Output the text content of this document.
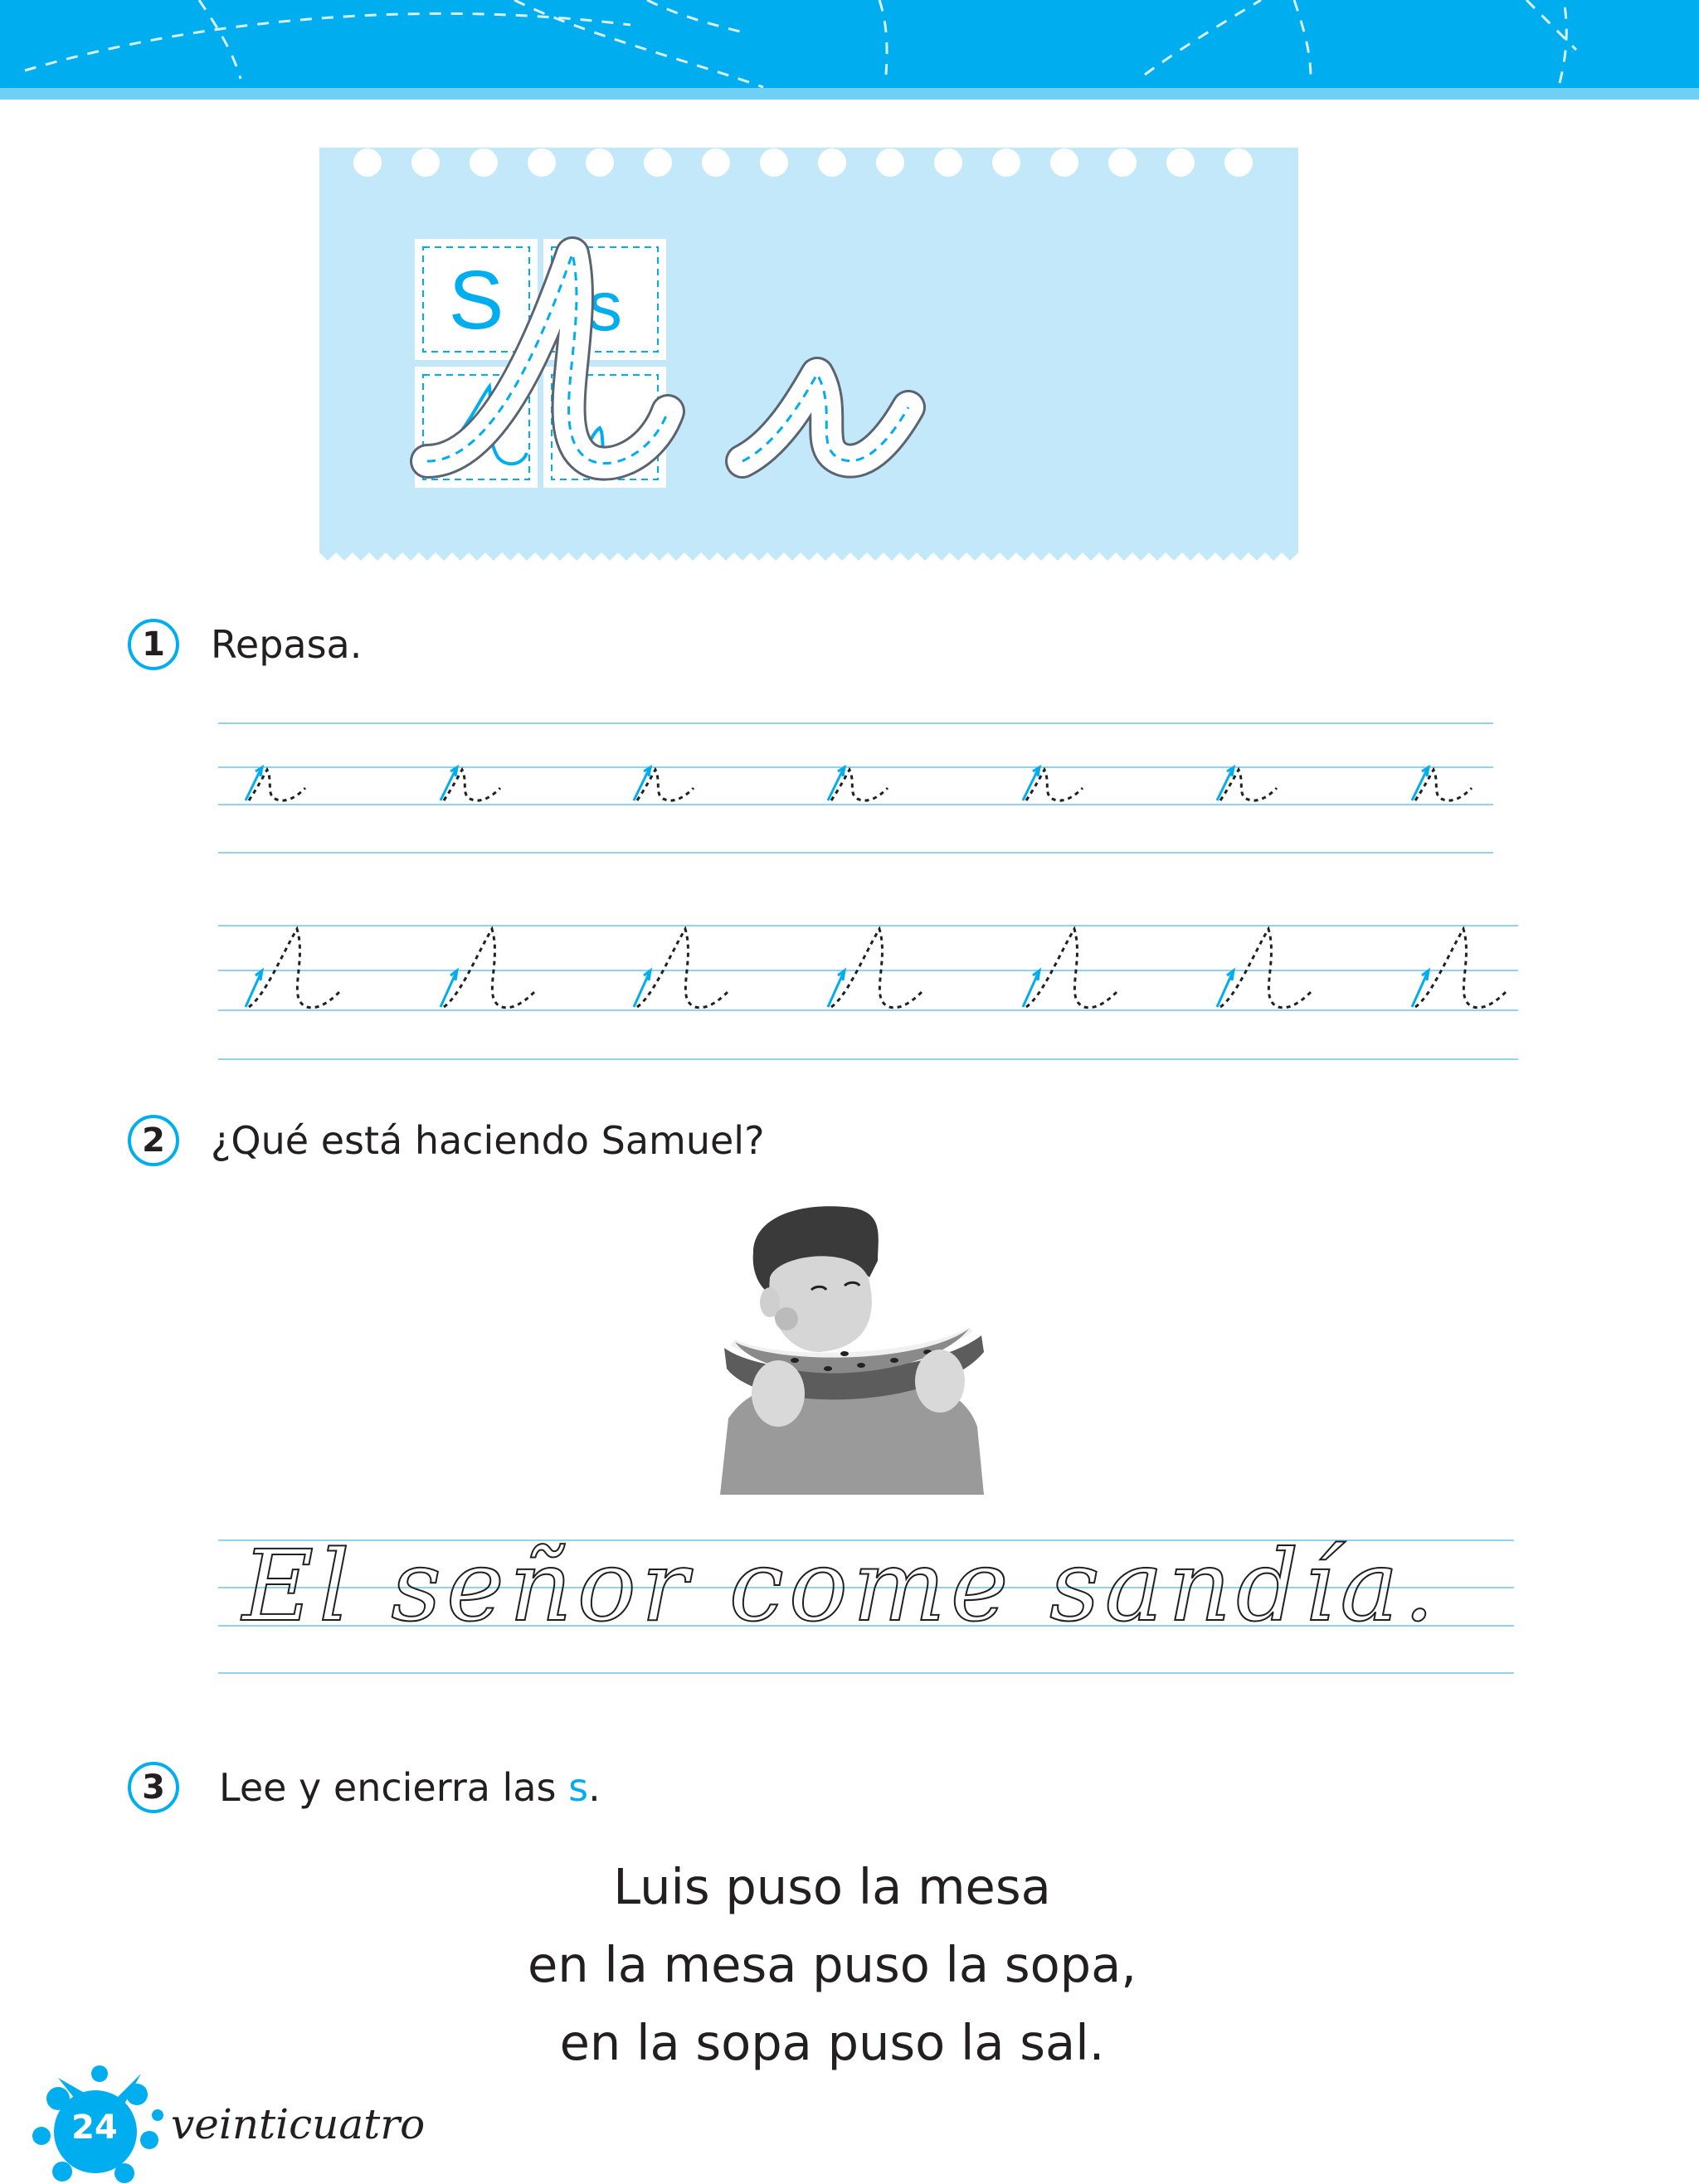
S s
1	Repasa.
2	¿Qué está haciendo Samuel?
El señor come sandía.
3	Lee y encierra las s.
Luis puso la mesa
en la mesa puso la sopa,
en la sopa puso la sal.
24 veinticuatro
